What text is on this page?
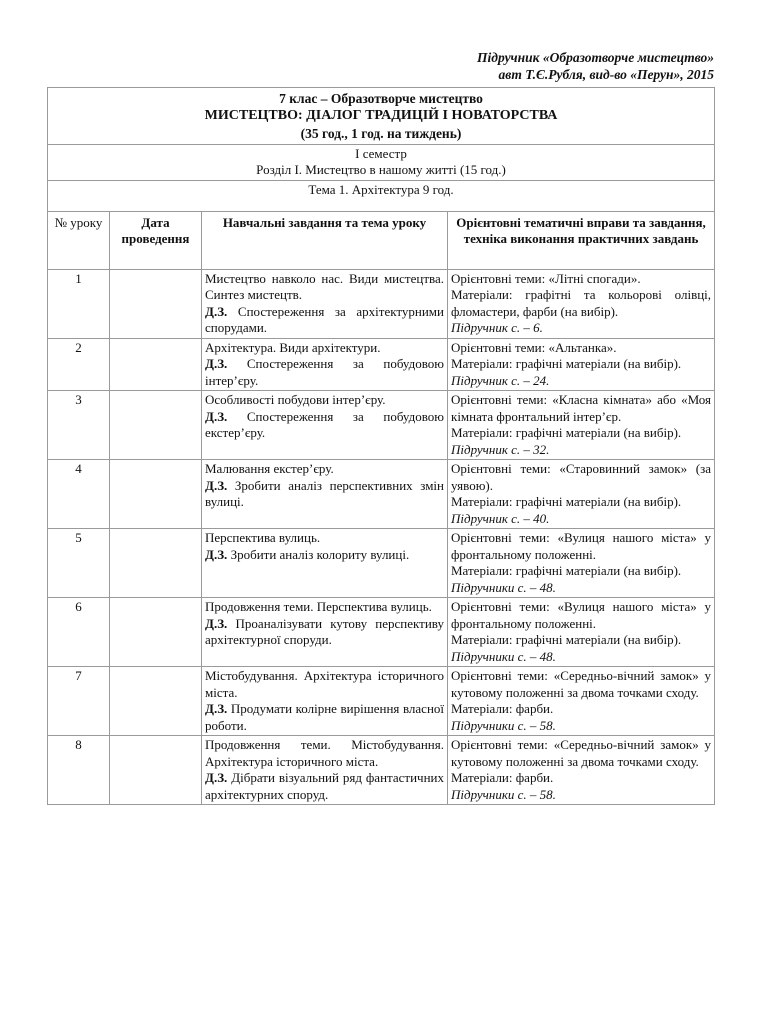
Підручник «Образотворче мистецтво»
авт Т.Є.Рубля, вид-во «Перун», 2015
7 клас – Образотворче мистецтво
МИСТЕЦТВО: ДІАЛОГ ТРАДИЦІЙ І НОВАТОРСТВА
(35 год., 1 год. на тиждень)			

І семестр
Розділ І. Мистецтво в нашому житті (15 год.)			

Тема 1. Архітектура 9 год.			
№ уроку	Дата проведення	Навчальні завдання та тема уроку	Орієнтовні тематичні вправи та завдання, техніка виконання практичних завдань
1		Мистецтво навколо нас. Види мистецтва. Синтез мистецтв.
Д.З. Спостереження за архітектурними спорудами.	Орієнтовні теми: «Літні спогади».
Матеріали: графітні та кольорові олівці, фломастери, фарби (на вибір).
Підручник с. – 6.

2		Архітектура. Види архітектури.
Д.З. Спостереження за побудовою інтер’єру.	Орієнтовні теми: «Альтанка».
Матеріали: графічні матеріали (на вибір).
Підручник с. – 24.

3		Особливості побудови інтер’єру.
Д.З. Спостереження за побудовою екстер’єру.	Орієнтовні теми: «Класна кімната» або «Моя кімната фронтальний інтер’єр.
Матеріали: графічні матеріали (на вибір).
Підручник с. – 32.

4		Малювання екстер’єру.
Д.З. Зробити аналіз перспективних змін вулиці.	Орієнтовні теми: «Старовинний замок» (за уявою).
Матеріали: графічні матеріали (на вибір).
Підручник с. – 40.

5		Перспектива вулиць.
Д.З. Зробити аналіз колориту вулиці.	Орієнтовні теми: «Вулиця нашого міста» у фронтальному положенні.
Матеріали: графічні матеріали (на вибір).
Підручники с. – 48.

6		Продовження теми. Перспектива вулиць.
Д.З. Проаналізувати кутову перспективу архітектурної споруди.	Орієнтовні теми: «Вулиця нашого міста» у фронтальному положенні.
Матеріали: графічні матеріали (на вибір).
Підручники с. – 48.

7		Містобудування. Архітектура історичного міста.
Д.З. Продумати колірне вирішення власної роботи.	Орієнтовні теми: «Середньо-вічний замок» у кутовому положенні за двома точками сходу.
Матеріали: фарби.
Підручники с. – 58.

8		Продовження теми. Містобудування. Архітектура історичного міста.
Д.З. Дібрати візуальний ряд фантастичних архітектурних споруд.	Орієнтовні теми: «Середньо-вічний замок» у кутовому положенні за двома точками сходу.
Матеріали: фарби.
Підручники с. – 58.
